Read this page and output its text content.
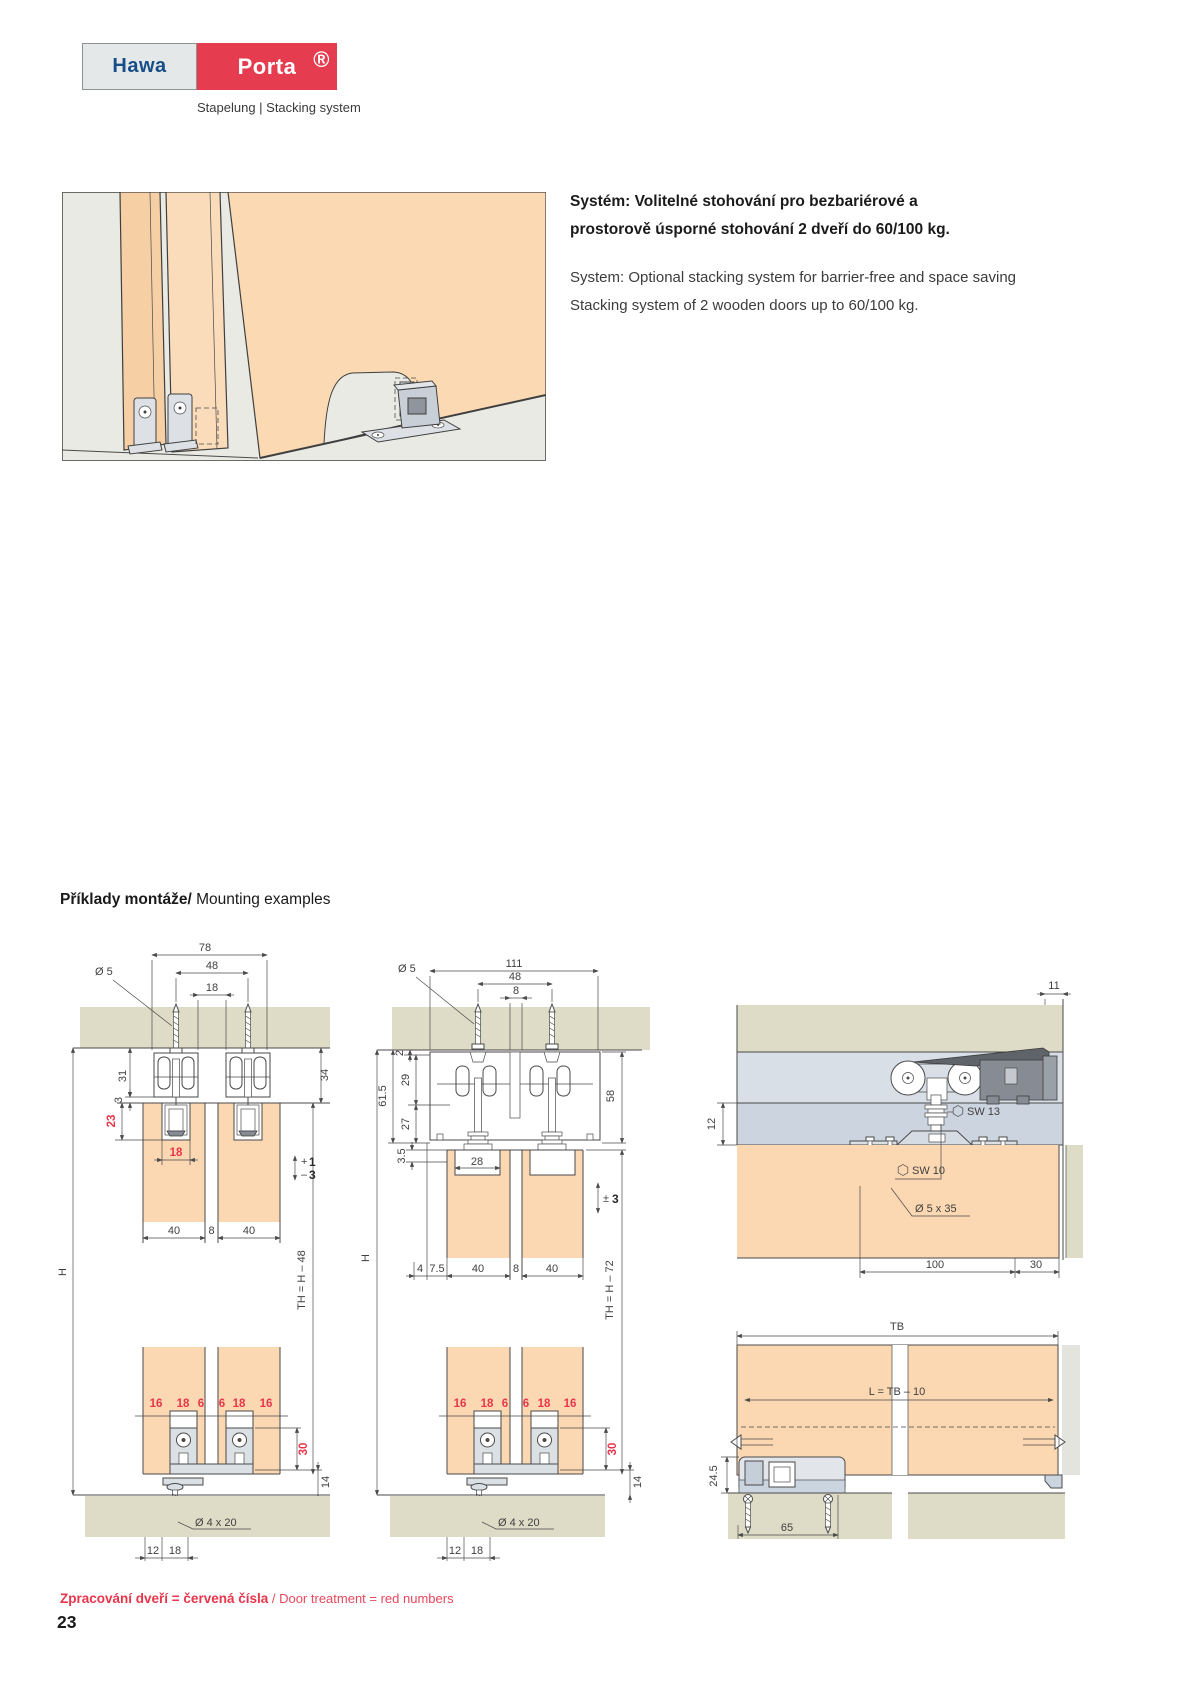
Hawa	Porta ®
Stapelung | Stacking system
Systém: Volitelné stohování pro bezbariérové a
prostorově úsporné stohování 2 dveří do 60/100 kg.
System: Optional stacking system for barrier-free and space saving
Stacking system of 2 wooden doors up to 60/100 kg.
Příklady montáže/ Mounting examples
78
48
18
Ø 5
31
3
23
18
34
TH = H – 48
+ 1
– 3
40	8	40
H
16 18 6 6 18 16
30
14
Ø 4 x 20
12 18
111
48
8
Ø 5
2
29
61.5
27
3.5
58
28
± 3
4 7.5 40	8 40
H
TH = H – 72
16 18 6 6 18 16
30
14
Ø 4 x 20
12 18
11
SW 13
SW 10
Ø 5 x 35
12
100	30
TB
L = TB – 10
24.5
65
Zpracování dveří = červená čísla / Door treatment = red numbers
23
